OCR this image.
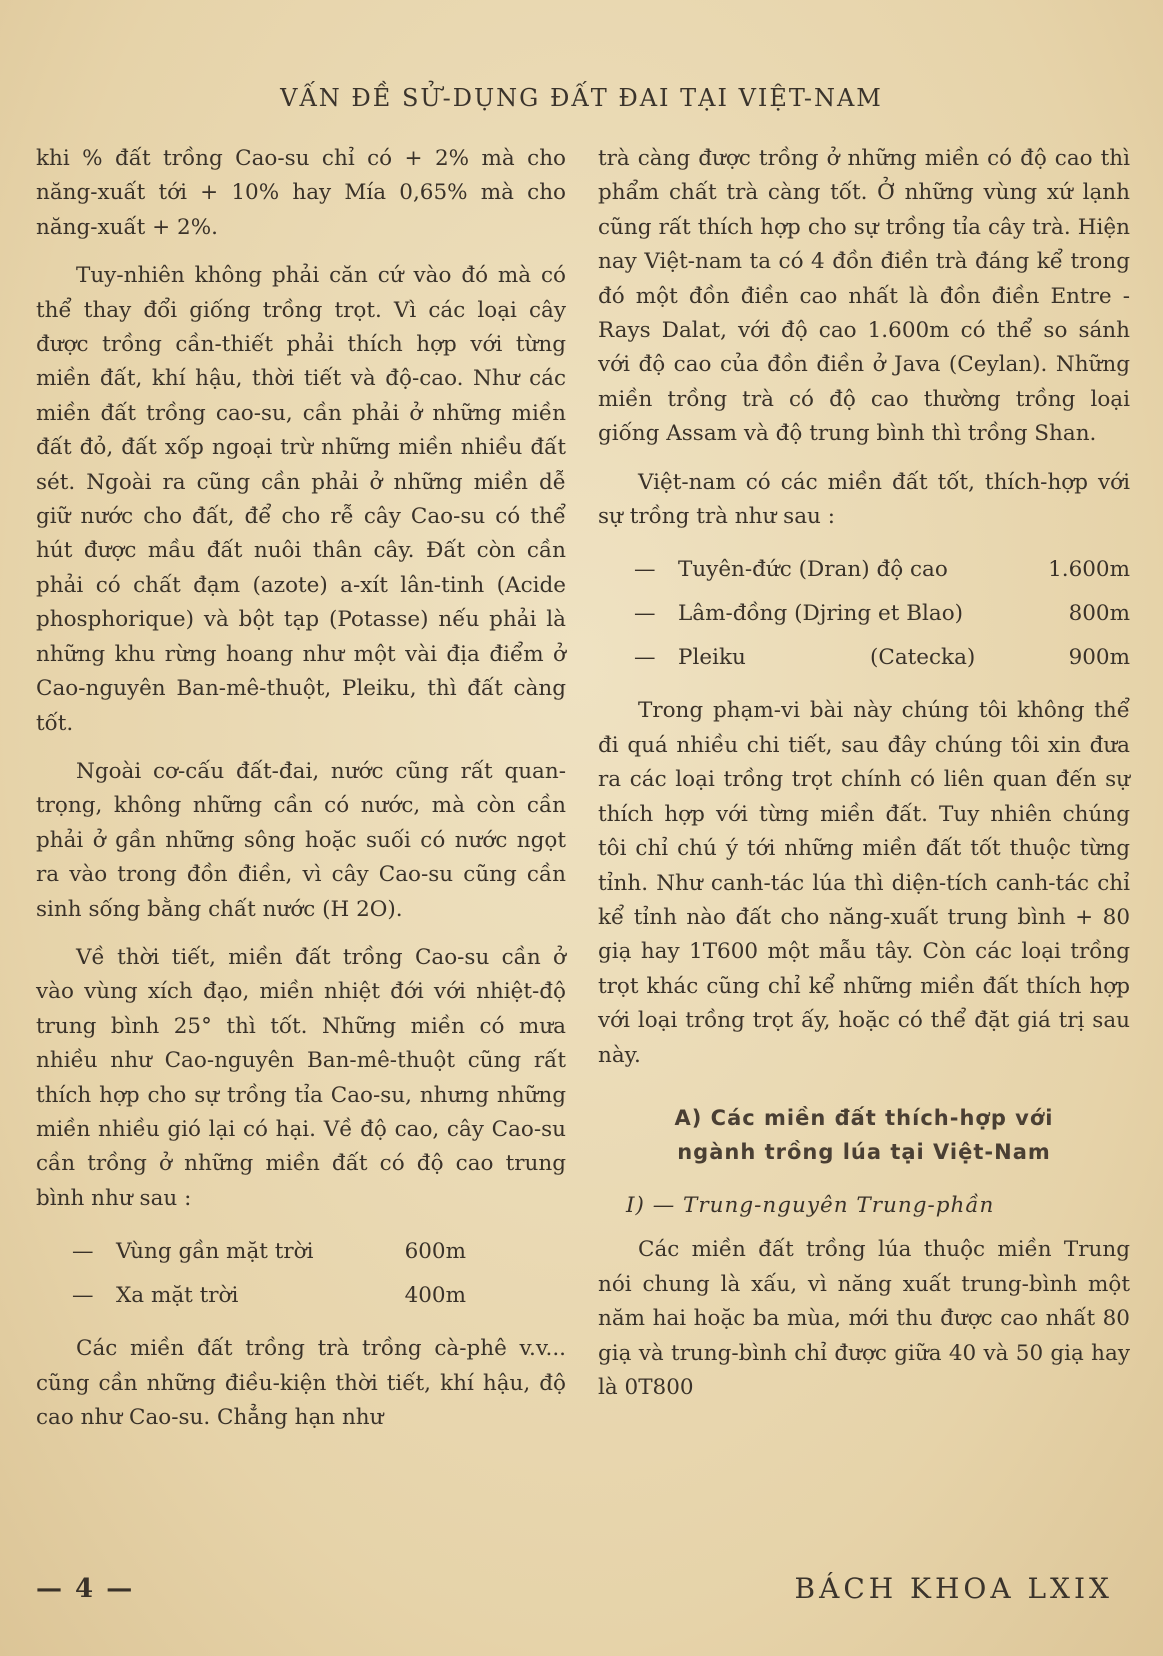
VẤN ĐỀ SỬ-DỤNG ĐẤT ĐAI TẠI VIỆT-NAM

khi % đất trồng Cao-su chỉ có + 2% mà cho năng-xuất tới + 10% hay Mía 0,65% mà cho năng-xuất + 2%.

Tuy-nhiên không phải căn cứ vào đó mà có thể thay đổi giống trồng trọt. Vì các loại cây được trồng cần-thiết phải thích hợp với từng miền đất, khí hậu, thời tiết và độ-cao. Như các miền đất trồng cao-su, cần phải ở những miền đất đỏ, đất xốp ngoại trừ những miền nhiều đất sét. Ngoài ra cũng cần phải ở những miền dễ giữ nước cho đất, để cho rễ cây Cao-su có thể hút được mầu đất nuôi thân cây. Đất còn cần phải có chất đạm (azote) a-xít lân-tinh (Acide phosphorique) và bột tạp (Potasse) nếu phải là những khu rừng hoang như một vài địa điểm ở Cao-nguyên Ban-mê-thuột, Pleiku, thì đất càng tốt.

Ngoài cơ-cấu đất-đai, nước cũng rất quan-trọng, không những cần có nước, mà còn cần phải ở gần những sông hoặc suối có nước ngọt ra vào trong đồn điền, vì cây Cao-su cũng cần sinh sống bằng chất nước (H 2O).

Về thời tiết, miền đất trồng Cao-su cần ở vào vùng xích đạo, miền nhiệt đới với nhiệt-độ trung bình 25° thì tốt. Những miền có mưa nhiều như Cao-nguyên Ban-mê-thuột cũng rất thích hợp cho sự trồng tỉa Cao-su, nhưng những miền nhiều gió lại có hại. Về độ cao, cây Cao-su cần trồng ở những miền đất có độ cao trung bình như sau :

—	Vùng gần mặt trời	600m
—	Xa mặt trời	400m

Các miền đất trồng trà trồng cà-phê v.v... cũng cần những điều-kiện thời tiết, khí hậu, độ cao như Cao-su. Chẳng hạn như

trà càng được trồng ở những miền có độ cao thì phẩm chất trà càng tốt. Ở những vùng xứ lạnh cũng rất thích hợp cho sự trồng tỉa cây trà. Hiện nay Việt-nam ta có 4 đồn điền trà đáng kể trong đó một đồn điền cao nhất là đồn điền Entre - Rays Dalat, với độ cao 1.600m có thể so sánh với độ cao của đồn điền ở Java (Ceylan). Những miền trồng trà có độ cao thường trồng loại giống Assam và độ trung bình thì trồng Shan.

Việt-nam có các miền đất tốt, thích-hợp với sự trồng trà như sau :

—	Tuyên-đức (Dran) độ cao	1.600m
—	Lâm-đồng (Djring et Blao)	800m
—	Pleiku	(Catecka)	900m

Trong phạm-vi bài này chúng tôi không thể đi quá nhiều chi tiết, sau đây chúng tôi xin đưa ra các loại trồng trọt chính có liên quan đến sự thích hợp với từng miền đất. Tuy nhiên chúng tôi chỉ chú ý tới những miền đất tốt thuộc từng tỉnh. Như canh-tác lúa thì diện-tích canh-tác chỉ kể tỉnh nào đất cho năng-xuất trung bình + 80 giạ hay 1T600 một mẫu tây. Còn các loại trồng trọt khác cũng chỉ kể những miền đất thích hợp với loại trồng trọt ấy, hoặc có thể đặt giá trị sau này.

A) Các miền đất thích-hợp với
ngành trồng lúa tại Việt-Nam
I) — Trung-nguyên Trung-phần

Các miền đất trồng lúa thuộc miền Trung nói chung là xấu, vì năng xuất trung-bình một năm hai hoặc ba mùa, mới thu được cao nhất 80 giạ và trung-bình chỉ được giữa 40 và 50 giạ hay là 0T800

— 4 —	BÁCH KHOA LXIX
